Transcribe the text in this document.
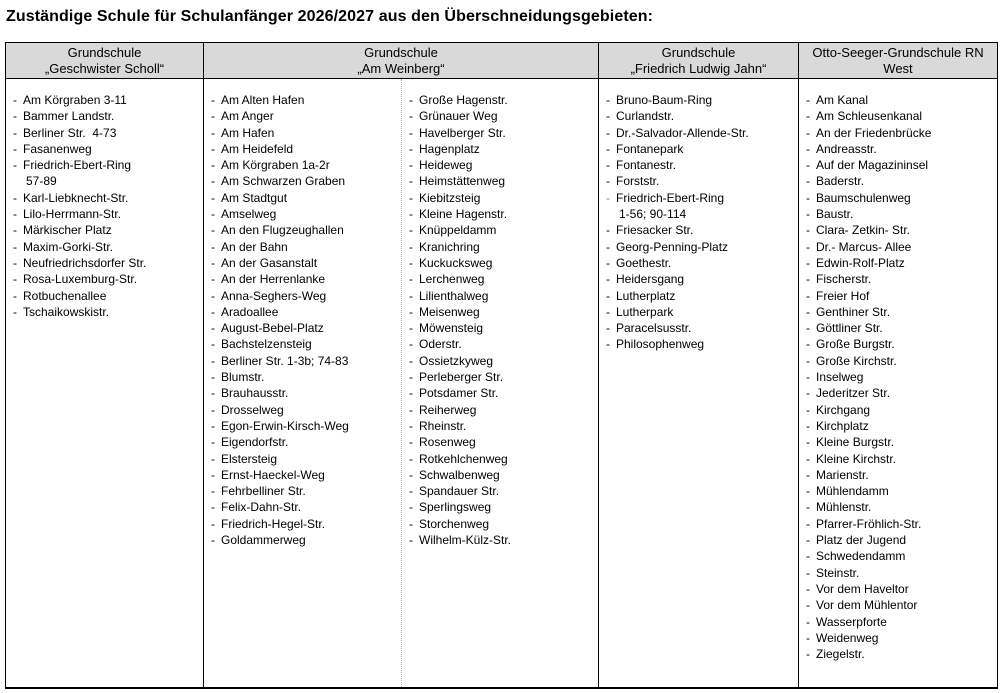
Zuständige Schule für Schulanfänger 2026/2027 aus den Überschneidungsgebieten:
Grundschule
„Geschwister Scholl“
Grundschule
„Am Weinberg“
Grundschule
„Friedrich Ludwig Jahn“
Otto-Seeger-Grundschule RN
West
- Am Körgraben 3-11
- Bammer Landstr.
- Berliner Str.  4-73
- Fasanenweg
- Friedrich-Ebert-Ring
57-89
- Karl-Liebknecht-Str.
- Lilo-Herrmann-Str.
- Märkischer Platz
- Maxim-Gorki-Str.
- Neufriedrichsdorfer Str.
- Rosa-Luxemburg-Str.
- Rotbuchenallee
- Tschaikowskistr.
- Am Alten Hafen
- Am Anger
- Am Hafen
- Am Heidefeld
- Am Körgraben 1a-2r
- Am Schwarzen Graben
- Am Stadtgut
- Amselweg
- An den Flugzeughallen
- An der Bahn
- An der Gasanstalt
- An der Herrenlanke
- Anna-Seghers-Weg
- Aradoallee
- August-Bebel-Platz
- Bachstelzensteig
- Berliner Str. 1-3b; 74-83
- Blumstr.
- Brauhausstr.
- Drosselweg
- Egon-Erwin-Kirsch-Weg
- Eigendorfstr.
- Elstersteig
- Ernst-Haeckel-Weg
- Fehrbelliner Str.
- Felix-Dahn-Str.
- Friedrich-Hegel-Str.
- Goldammerweg
- Große Hagenstr.
- Grünauer Weg
- Havelberger Str.
- Hagenplatz
- Heideweg
- Heimstättenweg
- Kiebitzsteig
- Kleine Hagenstr.
- Knüppeldamm
- Kranichring
- Kuckucksweg
- Lerchenweg
- Lilienthalweg
- Meisenweg
- Möwensteig
- Oderstr.
- Ossietzkyweg
- Perleberger Str.
- Potsdamer Str.
- Reiherweg
- Rheinstr.
- Rosenweg
- Rotkehlchenweg
- Schwalbenweg
- Spandauer Str.
- Sperlingsweg
- Storchenweg
- Wilhelm-Külz-Str.
- Bruno-Baum-Ring
- Curlandstr.
- Dr.-Salvador-Allende-Str.
- Fontanepark
- Fontanestr.
- Forststr.
- Friedrich-Ebert-Ring
1-56; 90-114
- Friesacker Str.
- Georg-Penning-Platz
- Goethestr.
- Heidersgang
- Lutherplatz
- Lutherpark
- Paracelsusstr.
- Philosophenweg
- Am Kanal
- Am Schleusenkanal
- An der Friedenbrücke
- Andreasstr.
- Auf der Magazininsel
- Baderstr.
- Baumschulenweg
- Baustr.
- Clara- Zetkin- Str.
- Dr.- Marcus- Allee
- Edwin-Rolf-Platz
- Fischerstr.
- Freier Hof
- Genthiner Str.
- Göttliner Str.
- Große Burgstr.
- Große Kirchstr.
- Inselweg
- Jederitzer Str.
- Kirchgang
- Kirchplatz
- Kleine Burgstr.
- Kleine Kirchstr.
- Marienstr.
- Mühlendamm
- Mühlenstr.
- Pfarrer-Fröhlich-Str.
- Platz der Jugend
- Schwedendamm
- Steinstr.
- Vor dem Haveltor
- Vor dem Mühlentor
- Wasserpforte
- Weidenweg
- Ziegelstr.
